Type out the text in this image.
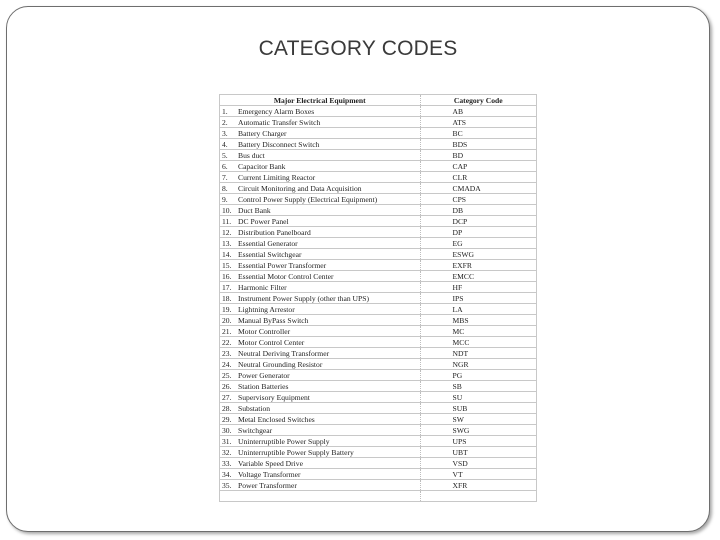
CATEGORY CODES
Major Electrical Equipment	Category Code
1. Emergency Alarm Boxes	AB
2. Automatic Transfer Switch	ATS
3. Battery Charger	BC
4. Battery Disconnect Switch	BDS
5. Bus duct	BD
6. Capacitor Bank	CAP
7. Current Limiting Reactor	CLR
8. Circuit Monitoring and Data Acquisition	CMADA
9. Control Power Supply (Electrical Equipment)	CPS
10. Duct Bank	DB
11. DC Power Panel	DCP
12. Distribution Panelboard	DP
13. Essential Generator	EG
14. Essential Switchgear	ESWG
15. Essential Power Transformer	EXFR
16. Essential Motor Control Center	EMCC
17. Harmonic Filter	HF
18. Instrument Power Supply (other than UPS)	IPS
19. Lightning Arrestor	LA
20. Manual ByPass Switch	MBS
21. Motor Controller	MC
22. Motor Control Center	MCC
23. Neutral Deriving Transformer	NDT
24. Neutral Grounding Resistor	NGR
25. Power Generator	PG
26. Station Batteries	SB
27. Supervisory Equipment	SU
28. Substation	SUB
29. Metal Enclosed Switches	SW
30. Switchgear	SWG
31. Uninterruptible Power Supply	UPS
32. Uninterruptible Power Supply Battery	UBT
33. Variable Speed Drive	VSD
34. Voltage Transformer	VT
35. Power Transformer	XFR
